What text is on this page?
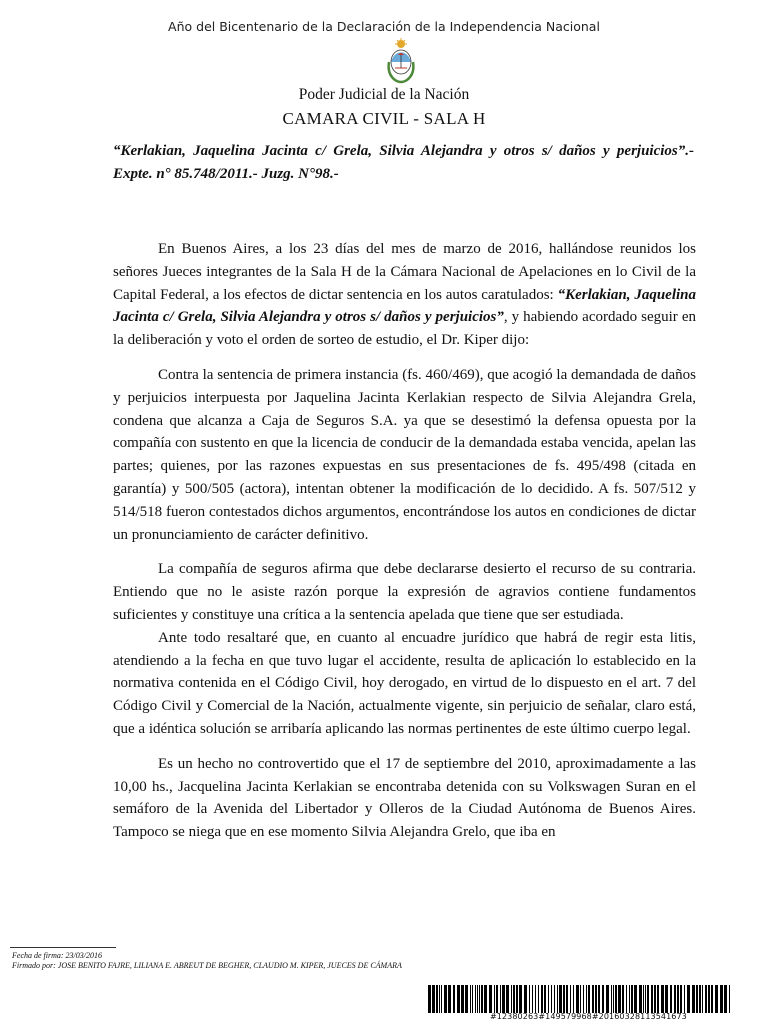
Año del Bicentenario de la Declaración de la Independencia Nacional
Poder Judicial de la Nación
CAMARA CIVIL - SALA H
“Kerlakian, Jaquelina Jacinta c/ Grela, Silvia Alejandra y otros s/ daños y perjuicios”.- Expte. n° 85.748/2011.- Juzg. N°98.-

En Buenos Aires, a los 23 días del mes de marzo de 2016, hallándose reunidos los señores Jueces integrantes de la Sala H de la Cámara Nacional de Apelaciones en lo Civil de la Capital Federal, a los efectos de dictar sentencia en los autos caratulados: “Kerlakian, Jaquelina Jacinta c/ Grela, Silvia Alejandra y otros s/ daños y perjuicios”, y habiendo acordado seguir en la deliberación y voto el orden de sorteo de estudio, el Dr. Kiper dijo:

Contra la sentencia de primera instancia (fs. 460/469), que acogió la demandada de daños y perjuicios interpuesta por Jaquelina Jacinta Kerlakian respecto de Silvia Alejandra Grela, condena que alcanza a Caja de Seguros S.A. ya que se desestimó la defensa opuesta por la compañía con sustento en que la licencia de conducir de la demandada estaba vencida, apelan las partes; quienes, por las razones expuestas en sus presentaciones de fs. 495/498 (citada en garantía) y 500/505 (actora), intentan obtener la modificación de lo decidido. A fs. 507/512 y 514/518 fueron contestados dichos argumentos, encontrándose los autos en condiciones de dictar un pronunciamiento de carácter definitivo.

La compañía de seguros afirma que debe declararse desierto el recurso de su contraria. Entiendo que no le asiste razón porque la expresión de agravios contiene fundamentos suficientes y constituye una crítica a la sentencia apelada que tiene que ser estudiada.

Ante todo resaltaré que, en cuanto al encuadre jurídico que habrá de regir esta litis, atendiendo a la fecha en que tuvo lugar el accidente, resulta de aplicación lo establecido en la normativa contenida en el Código Civil, hoy derogado, en virtud de lo dispuesto en el art. 7 del Código Civil y Comercial de la Nación, actualmente vigente, sin perjuicio de señalar, claro está, que a idéntica solución se arribaría aplicando las normas pertinentes de este último cuerpo legal.

Es un hecho no controvertido que el 17 de septiembre del 2010, aproximadamente a las 10,00 hs., Jacquelina Jacinta Kerlakian se encontraba detenida con su Volkswagen Suran en el semáforo de la Avenida del Libertador y Olleros de la Ciudad Autónoma de Buenos Aires. Tampoco se niega que en ese momento Silvia Alejandra Grelo, que iba en

Fecha de firma: 23/03/2016
Firmado por: JOSE BENITO FAJRE, LILIANA E. ABREUT DE BEGHER, CLAUDIO M. KIPER, JUECES DE CÁMARA
#12380263#149579968#20160328113541673
